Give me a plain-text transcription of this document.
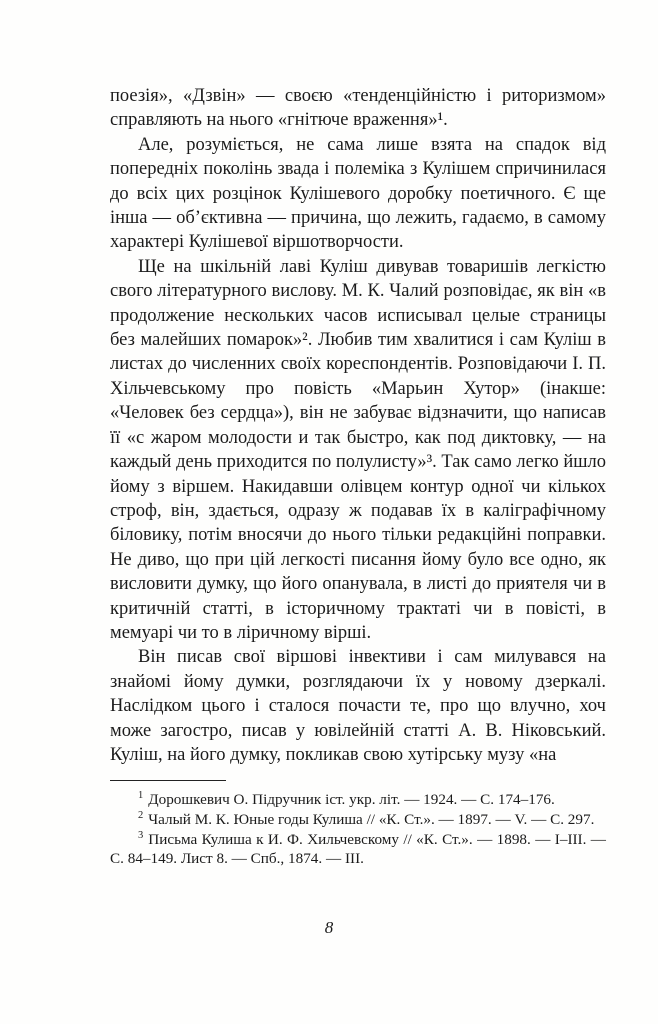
поезія», «Дзвін» — своєю «тенденційністю і риторизмом» справляють на нього «гнітюче враження»¹.

Але, розуміється, не сама лише взята на спадок від попередніх поколінь звада і полеміка з Кулішем спричинилася до всіх цих розцінок Кулішевого доробку поетичного. Є ще інша — об’єктивна — причина, що лежить, гадаємо, в самому характері Кулішевої віршотворчости.

Ще на шкільній лаві Куліш дивував товаришів легкістю свого літературного вислову. М. К. Чалий розповідає, як він «в продолжение нескольких часов исписывал целые страницы без малейших помарок»². Любив тим хвалитися і сам Куліш в листах до численних своїх кореспондентів. Розповідаючи І. П. Хільчевському про повість «Марьин Хутор» (інакше: «Человек без сердца»), він не забуває відзначити, що написав її «с жаром молодости и так быстро, как под диктовку, — на каждый день приходится по полулисту»³. Так само легко йшло йому з віршем. Накидавши олівцем контур одної чи кількох строф, він, здається, одразу ж подавав їх в каліграфічному біловику, потім вносячи до нього тільки редакційні поправки. Не диво, що при цій легкості писання йому було все одно, як висловити думку, що його опанувала, в листі до приятеля чи в критичній статті, в історичному трактаті чи в повісті, в мемуарі чи то в ліричному вірші.

Він писав свої віршові інвективи і сам милувався на знайомі йому думки, розглядаючи їх у новому дзеркалі. Наслідком цього і сталося почасти те, про що влучно, хоч може загостро, писав у ювілейній статті А. В. Ніковський. Куліш, на його думку, покликав свою хутірську музу «на

$^1$ Дорошкевич О. Підручник іст. укр. літ. — 1924. — С. 174–176.

$^2$ Чалый М. К. Юные годы Кулиша // «К. Ст.». — 1897. — V. — С. 297.

$^3$ Письма Кулиша к И. Ф. Хильчевскому // «К. Ст.». — 1898. — I–III. — С. 84–149. Лист 8. — Спб., 1874. — III.

8
